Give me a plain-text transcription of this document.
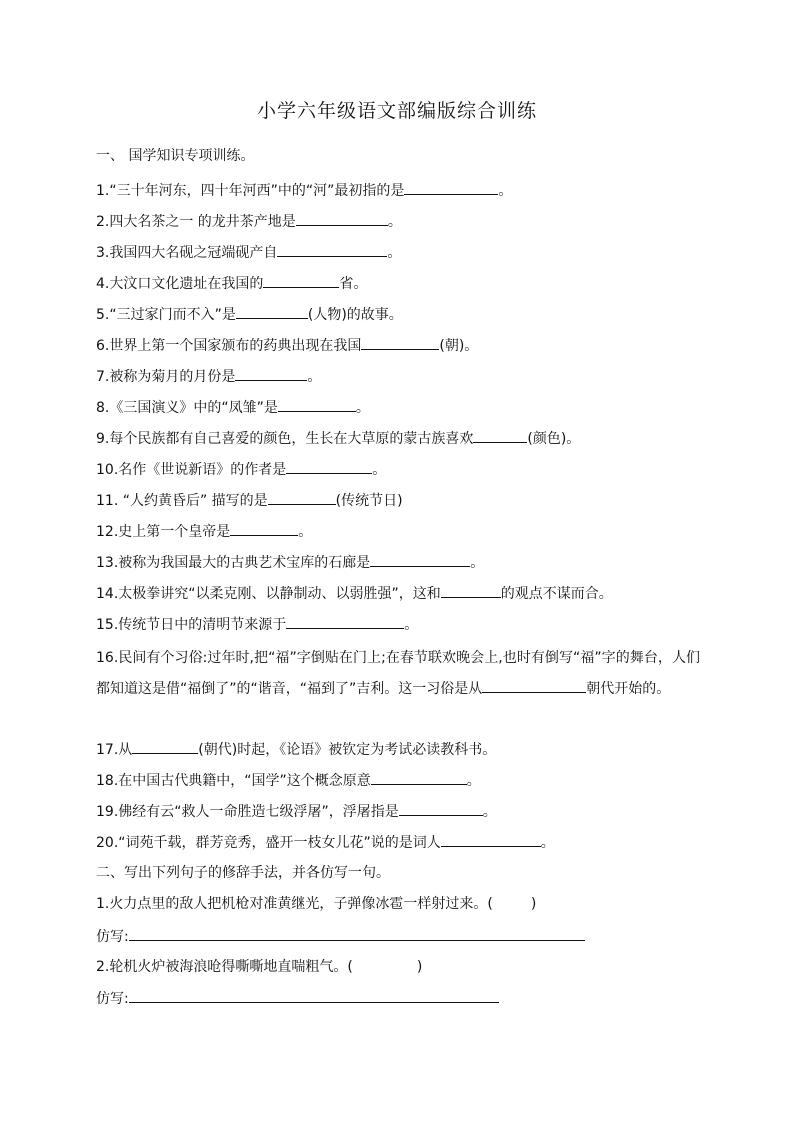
小学六年级语文部编版综合训练
一、 国学知识专项训练。
1.“三十年河东，四十年河西”中的“河”最初指的是	。
2.四大名茶之一 的龙井茶产地是	。
3.我国四大名砚之冠端砚产自	。
4.大汶口文化遗址在我国的	省。
5.“三过家门而不入”是	(人物)的故事。
6.世界上第一个国家颁布的药典出现在我国	(朝)。
7.被称为菊月的月份是	。
8.《三国演义》中的“凤雏”是	。
9.每个民族都有自己喜爱的颜色，生长在大草原的蒙古族喜欢	(颜色)。
10.名作《世说新语》的作者是	。
11. “人约黄昏后” 描写的是	(传统节日)
12.史上第一个皇帝是	。
13.被称为我国最大的古典艺术宝库的石廊是	。
14.太极拳讲究“以柔克刚、以静制动、以弱胜强”，这和	的观点不谋而合。
15.传统节日中的清明节来源于	。
16.民间有个习俗:过年时,把“福”字倒贴在门上;在春节联欢晚会上,也时有倒写“福”字的舞台，人们都知道这是借“福倒了”的“谐音，“福到了”吉利。这一习俗是从	朝代开始的。
17.从	(朝代)时起，《论语》被钦定为考试必读教科书。
18.在中国古代典籍中，“国学”这个概念原意	。
19.佛经有云“救人一命胜造七级浮屠”，浮屠指是	。
20.“词苑千载，群芳竞秀，盛开一枝女儿花”说的是词人	。
二、写出下列句子的修辞手法，并各仿写一句。
1.火力点里的敌人把机枪对准黄继光，子弹像冰雹一样射过来。(	)
仿写:
2.轮机火炉被海浪呛得嘶嘶地直喘粗气。(	)
仿写:
